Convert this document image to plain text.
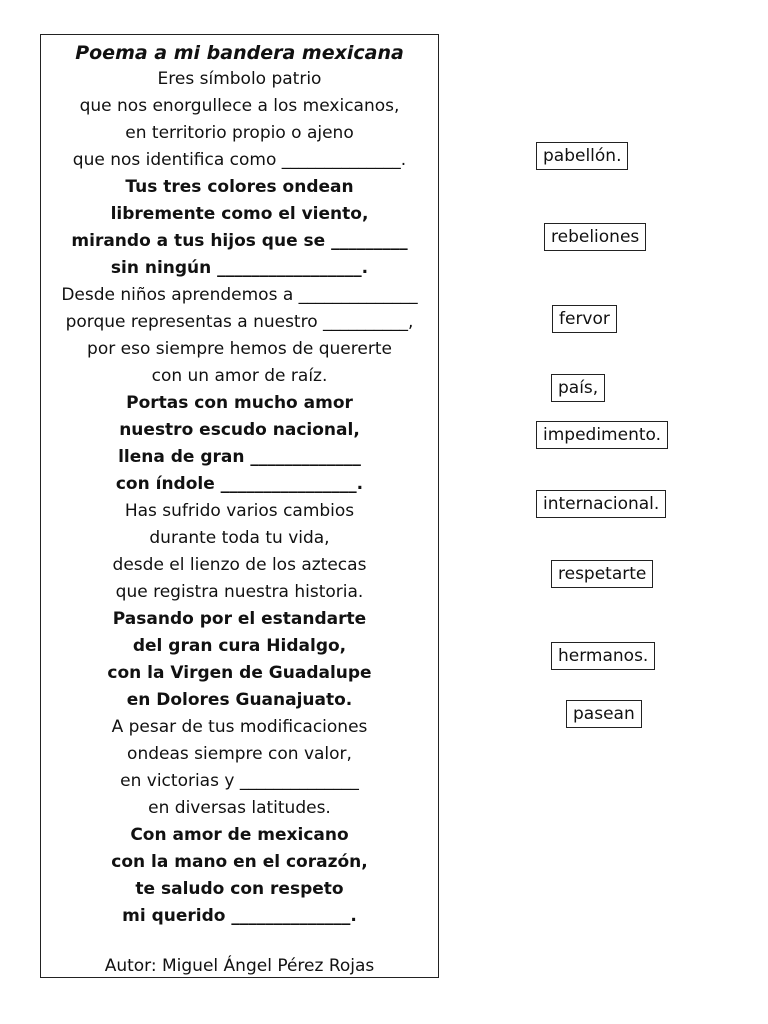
Poema a mi bandera mexicana
Eres símbolo patrio
que nos enorgullece a los mexicanos,
en territorio propio o ajeno
que nos identifica como ______________.
Tus tres colores ondean
libremente como el viento,
mirando a tus hijos que se _________
sin ningún _________________.
Desde niños aprendemos a ______________
porque representas a nuestro __________,
por eso siempre hemos de quererte
con un amor de raíz.
Portas con mucho amor
nuestro escudo nacional,
llena de gran _____________
con índole ________________.
Has sufrido varios cambios
durante toda tu vida,
desde el lienzo de los aztecas
que registra nuestra historia.
Pasando por el estandarte
del gran cura Hidalgo,
con la Virgen de Guadalupe
en Dolores Guanajuato.
A pesar de tus modificaciones
ondeas siempre con valor,
en victorias y ______________
en diversas latitudes.
Con amor de mexicano
con la mano en el corazón,
te saludo con respeto
mi querido ______________.
Autor: Miguel Ángel Pérez Rojas
pabellón.
rebeliones
fervor
país,
impedimento.
internacional.
respetarte
hermanos.
pasean
